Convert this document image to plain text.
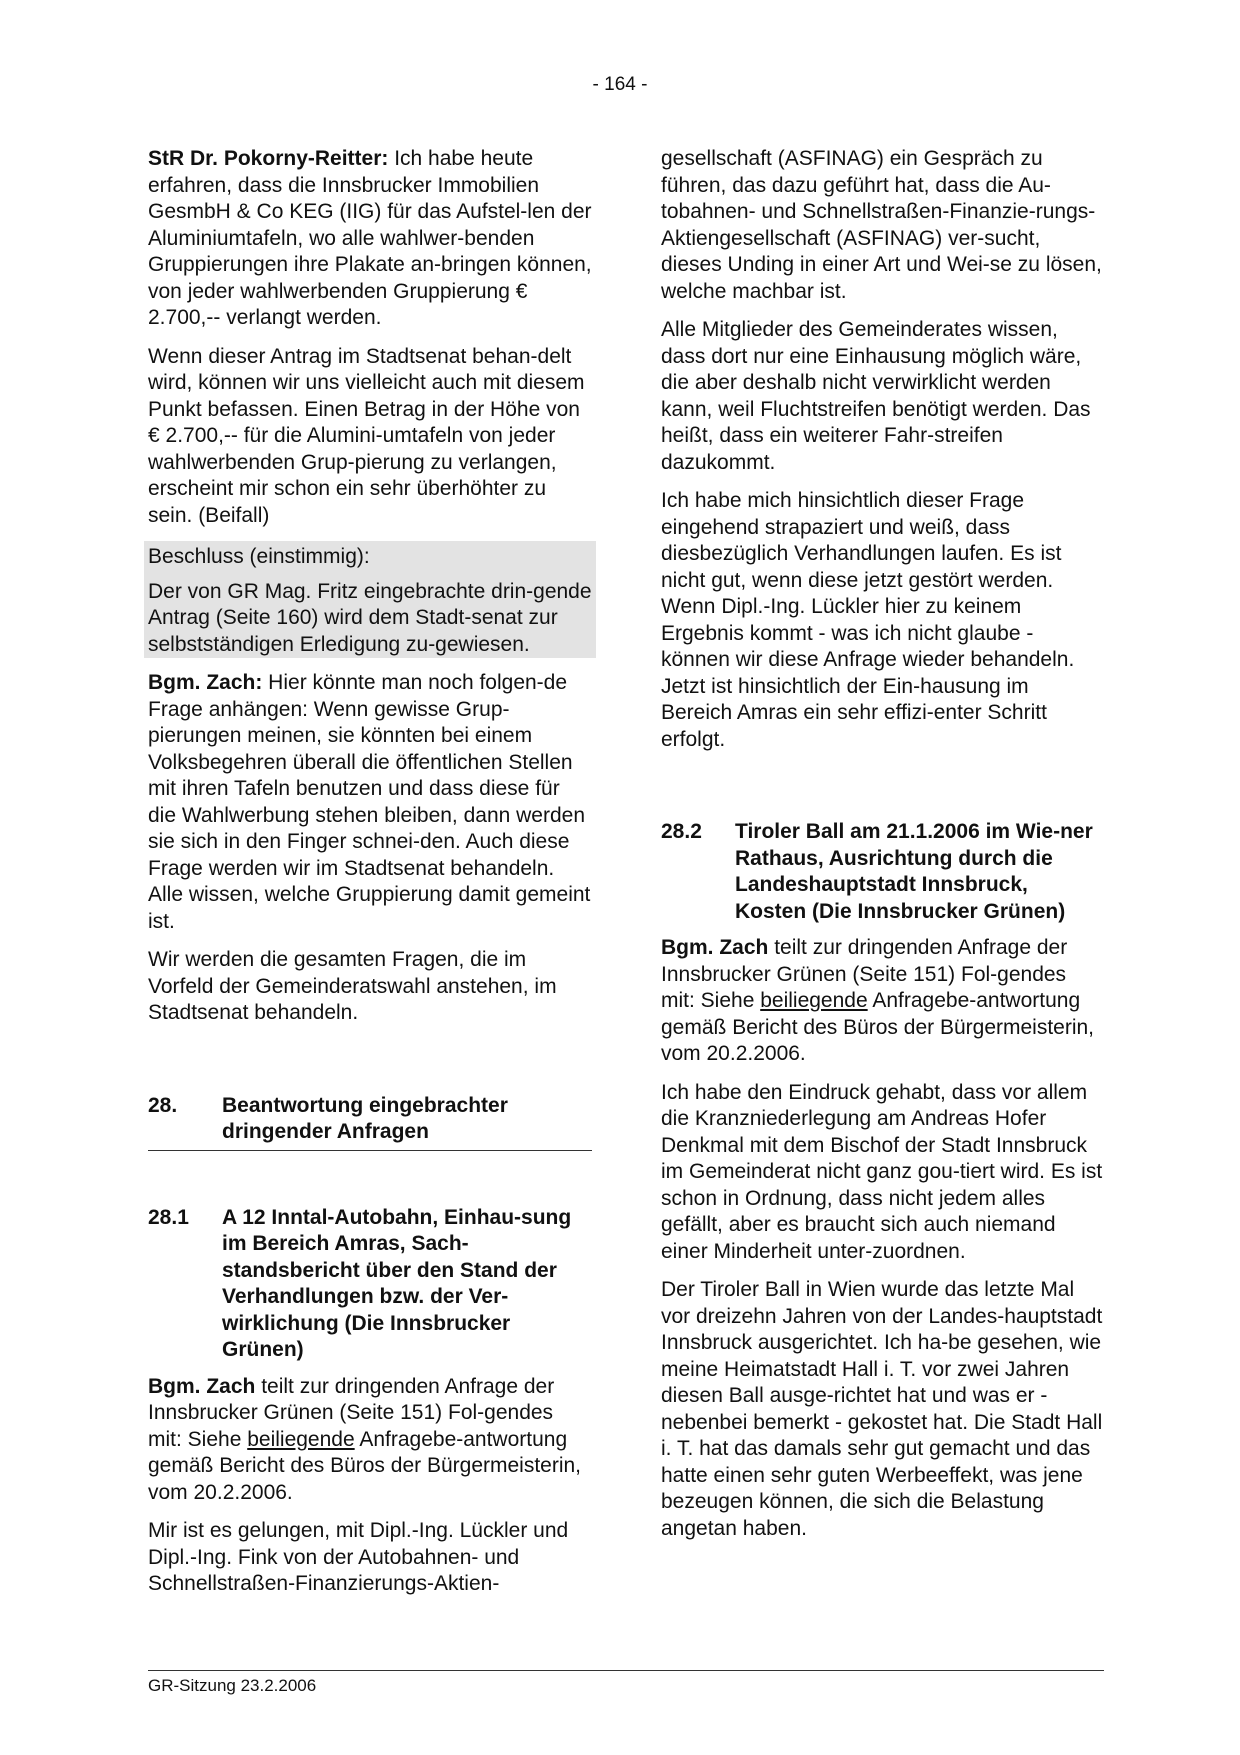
- 164 -

StR Dr. Pokorny-Reitter: Ich habe heute erfahren, dass die Innsbrucker Immobilien GesmbH & Co KEG (IIG) für das Aufstel-len der Aluminiumtafeln, wo alle wahlwer-benden Gruppierungen ihre Plakate an-bringen können, von jeder wahlwerbenden Gruppierung € 2.700,-- verlangt werden.

Wenn dieser Antrag im Stadtsenat behan-delt wird, können wir uns vielleicht auch mit diesem Punkt befassen. Einen Betrag in der Höhe von € 2.700,-- für die Alumini-umtafeln von jeder wahlwerbenden Grup-pierung zu verlangen, erscheint mir schon ein sehr überhöhter zu sein. (Beifall)

Beschluss (einstimmig):

Der von GR Mag. Fritz eingebrachte drin-gende Antrag (Seite 160) wird dem Stadt-senat zur selbstständigen Erledigung zu-gewiesen.

Bgm. Zach: Hier könnte man noch folgen-de Frage anhängen: Wenn gewisse Grup-pierungen meinen, sie könnten bei einem Volksbegehren überall die öffentlichen Stellen mit ihren Tafeln benutzen und dass diese für die Wahlwerbung stehen bleiben, dann werden sie sich in den Finger schnei-den. Auch diese Frage werden wir im Stadtsenat behandeln. Alle wissen, welche Gruppierung damit gemeint ist.

Wir werden die gesamten Fragen, die im Vorfeld der Gemeinderatswahl anstehen, im Stadtsenat behandeln.

28.	Beantwortung eingebrachter dringender Anfragen
28.1	A 12 Inntal-Autobahn, Einhau-sung im Bereich Amras, Sach-standsbericht über den Stand der Verhandlungen bzw. der Ver-wirklichung (Die Innsbrucker Grünen)

Bgm. Zach teilt zur dringenden Anfrage der Innsbrucker Grünen (Seite 151) Fol-gendes mit: Siehe beiliegende Anfragebe-antwortung gemäß Bericht des Büros der Bürgermeisterin, vom 20.2.2006.

Mir ist es gelungen, mit Dipl.-Ing. Lückler und Dipl.-Ing. Fink von der Autobahnen- und Schnellstraßen-Finanzierungs-Aktien-

gesellschaft (ASFINAG) ein Gespräch zu führen, das dazu geführt hat, dass die Au-tobahnen- und Schnellstraßen-Finanzie-rungs-Aktiengesellschaft (ASFINAG) ver-sucht, dieses Unding in einer Art und Wei-se zu lösen, welche machbar ist.

Alle Mitglieder des Gemeinderates wissen, dass dort nur eine Einhausung möglich wäre, die aber deshalb nicht verwirklicht werden kann, weil Fluchtstreifen benötigt werden. Das heißt, dass ein weiterer Fahr-streifen dazukommt.

Ich habe mich hinsichtlich dieser Frage eingehend strapaziert und weiß, dass diesbezüglich Verhandlungen laufen. Es ist nicht gut, wenn diese jetzt gestört werden. Wenn Dipl.-Ing. Lückler hier zu keinem Ergebnis kommt - was ich nicht glaube - können wir diese Anfrage wieder behandeln. Jetzt ist hinsichtlich der Ein-hausung im Bereich Amras ein sehr effizi-enter Schritt erfolgt.

28.2	Tiroler Ball am 21.1.2006 im Wie-ner Rathaus, Ausrichtung durch die Landeshauptstadt Innsbruck, Kosten (Die Innsbrucker Grünen)

Bgm. Zach teilt zur dringenden Anfrage der Innsbrucker Grünen (Seite 151) Fol-gendes mit: Siehe beiliegende Anfragebe-antwortung gemäß Bericht des Büros der Bürgermeisterin, vom 20.2.2006.

Ich habe den Eindruck gehabt, dass vor allem die Kranzniederlegung am Andreas Hofer Denkmal mit dem Bischof der Stadt Innsbruck im Gemeinderat nicht ganz gou-tiert wird. Es ist schon in Ordnung, dass nicht jedem alles gefällt, aber es braucht sich auch niemand einer Minderheit unter-zuordnen.

Der Tiroler Ball in Wien wurde das letzte Mal vor dreizehn Jahren von der Landes-hauptstadt Innsbruck ausgerichtet. Ich ha-be gesehen, wie meine Heimatstadt Hall i. T. vor zwei Jahren diesen Ball ausge-richtet hat und was er - nebenbei bemerkt - gekostet hat. Die Stadt Hall i. T. hat das damals sehr gut gemacht und das hatte einen sehr guten Werbeeffekt, was jene bezeugen können, die sich die Belastung angetan haben.

GR-Sitzung 23.2.2006
